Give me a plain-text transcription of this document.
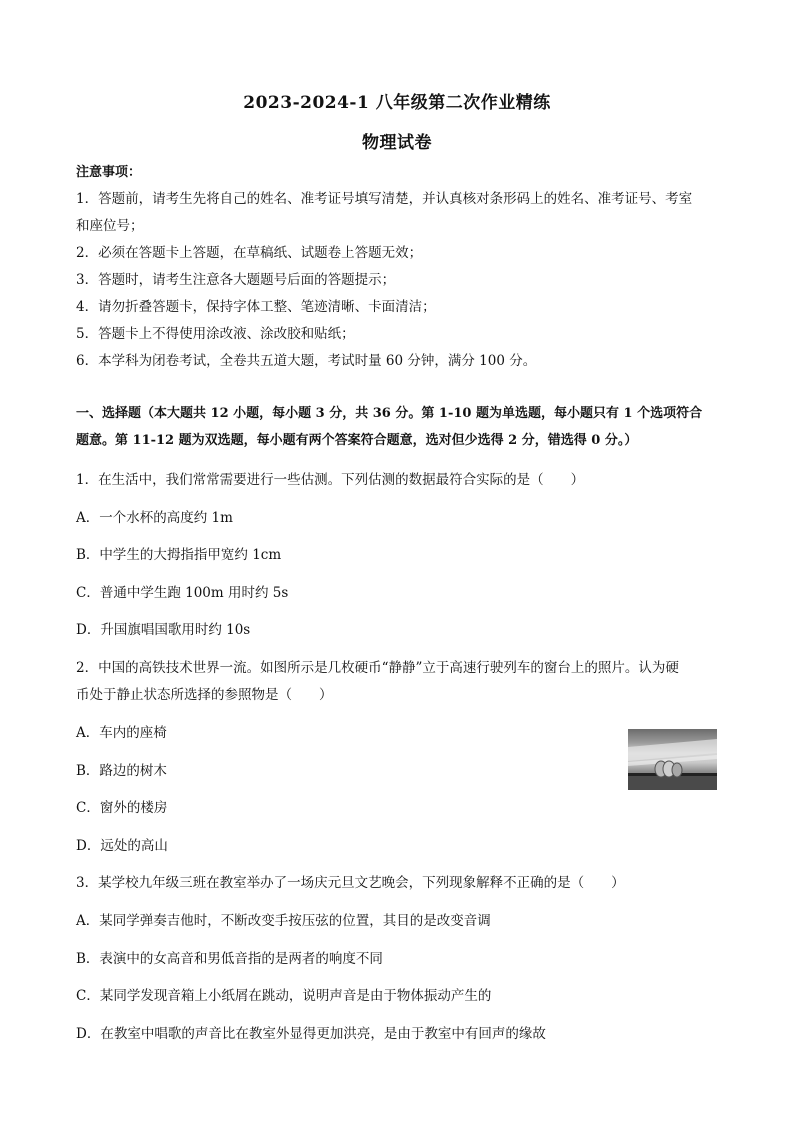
2023-2024-1 八年级第二次作业精练
物理试卷
注意事项：
1．答题前，请考生先将自己的姓名、准考证号填写清楚，并认真核对条形码上的姓名、准考证号、考室
和座位号；
2．必须在答题卡上答题，在草稿纸、试题卷上答题无效；
3．答题时，请考生注意各大题题号后面的答题提示；
4．请勿折叠答题卡，保持字体工整、笔迹清晰、卡面清洁；
5．答题卡上不得使用涂改液、涂改胶和贴纸；
6．本学科为闭卷考试，全卷共五道大题，考试时量 60 分钟，满分 100 分。
一、选择题（本大题共 12 小题，每小题 3 分，共 36 分。第 1-10 题为单选题，每小题只有 1 个选项符合
题意。第 11-12 题为双选题，每小题有两个答案符合题意，选对但少选得 2 分，错选得 0 分。）
1．在生活中，我们常常需要进行一些估测。下列估测的数据最符合实际的是（　　）
A．一个水杯的高度约 1m
B．中学生的大拇指指甲宽约 1cm
C．普通中学生跑 100m 用时约 5s
D．升国旗唱国歌用时约 10s
2．中国的高铁技术世界一流。如图所示是几枚硬币“静静”立于高速行驶列车的窗台上的照片。认为硬
币处于静止状态所选择的参照物是（　　）
A．车内的座椅
B．路边的树木
C．窗外的楼房
D．远处的高山
3．某学校九年级三班在教室举办了一场庆元旦文艺晚会，下列现象解释不正确的是（　　）
A．某同学弹奏吉他时，不断改变手按压弦的位置，其目的是改变音调
B．表演中的女高音和男低音指的是两者的响度不同
C．某同学发现音箱上小纸屑在跳动，说明声音是由于物体振动产生的
D．在教室中唱歌的声音比在教室外显得更加洪亮，是由于教室中有回声的缘故
